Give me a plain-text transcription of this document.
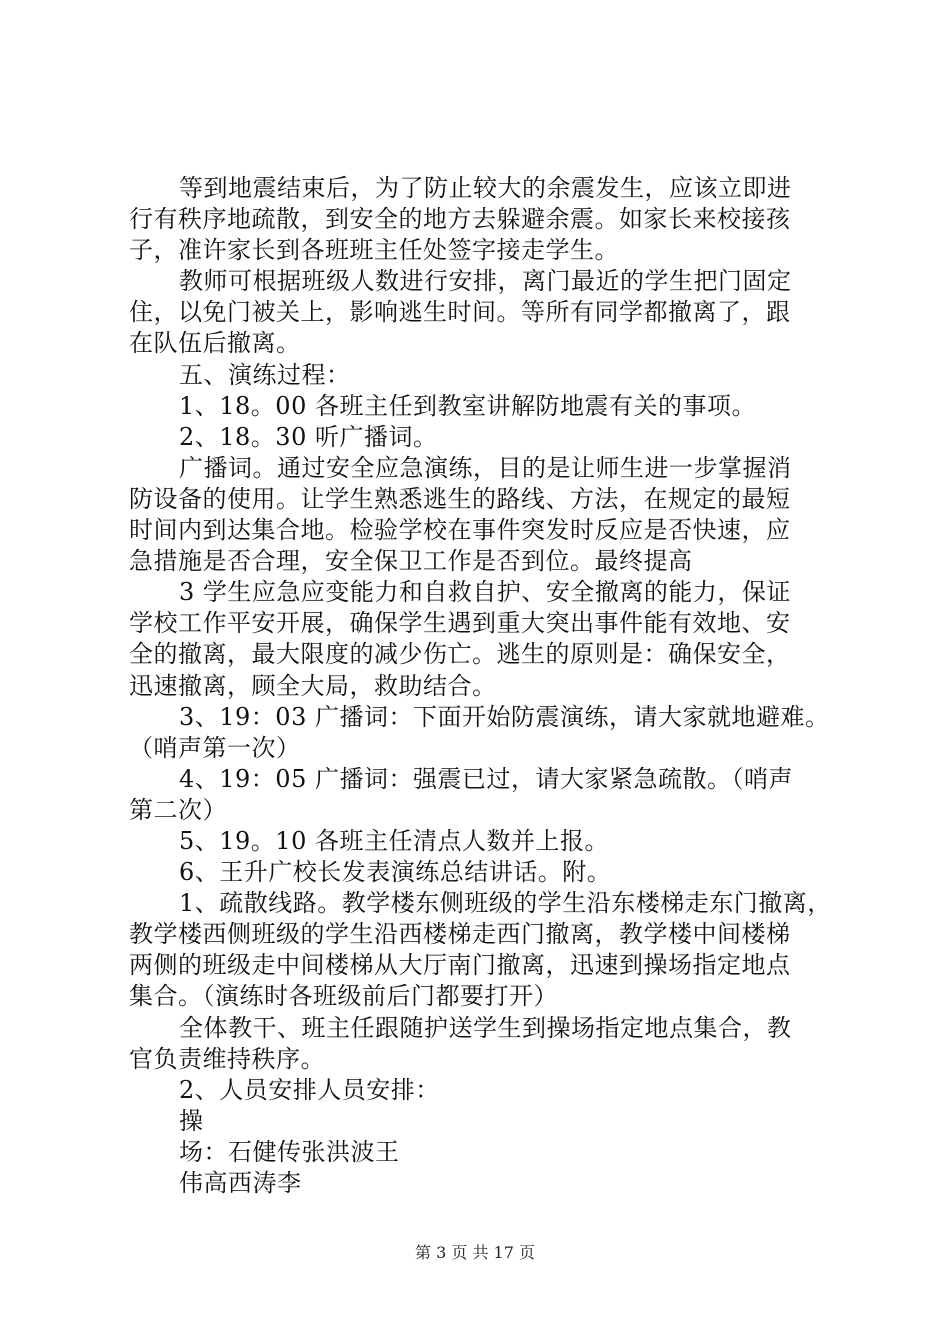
等到地震结束后，为了防止较大的余震发生，应该立即进
行有秩序地疏散，到安全的地方去躲避余震。如家长来校接孩
子，准许家长到各班班主任处签字接走学生。
教师可根据班级人数进行安排，离门最近的学生把门固定
住，以免门被关上，影响逃生时间。等所有同学都撤离了，跟
在队伍后撤离。
五、演练过程：
1、18。00 各班主任到教室讲解防地震有关的事项。
2、18。30 听广播词。
广播词。通过安全应急演练，目的是让师生进一步掌握消
防设备的使用。让学生熟悉逃生的路线、方法，在规定的最短
时间内到达集合地。检验学校在事件突发时反应是否快速，应
急措施是否合理，安全保卫工作是否到位。最终提高
3 学生应急应变能力和自救自护、安全撤离的能力，保证
学校工作平安开展，确保学生遇到重大突出事件能有效地、安
全的撤离，最大限度的减少伤亡。逃生的原则是：确保安全，
迅速撤离，顾全大局，救助结合。
3、19：03 广播词：下面开始防震演练，请大家就地避难。
（哨声第一次）
4、19：05 广播词：强震已过，请大家紧急疏散。（哨声
第二次）
5、19。10 各班主任清点人数并上报。
6、王升广校长发表演练总结讲话。附。
1、疏散线路。教学楼东侧班级的学生沿东楼梯走东门撤离，
教学楼西侧班级的学生沿西楼梯走西门撤离，教学楼中间楼梯
两侧的班级走中间楼梯从大厅南门撤离，迅速到操场指定地点
集合。（演练时各班级前后门都要打开）
全体教干、班主任跟随护送学生到操场指定地点集合，教
官负责维持秩序。
2、人员安排人员安排：
操
场：石健传张洪波王
伟高西涛李
第 3 页 共 17 页
